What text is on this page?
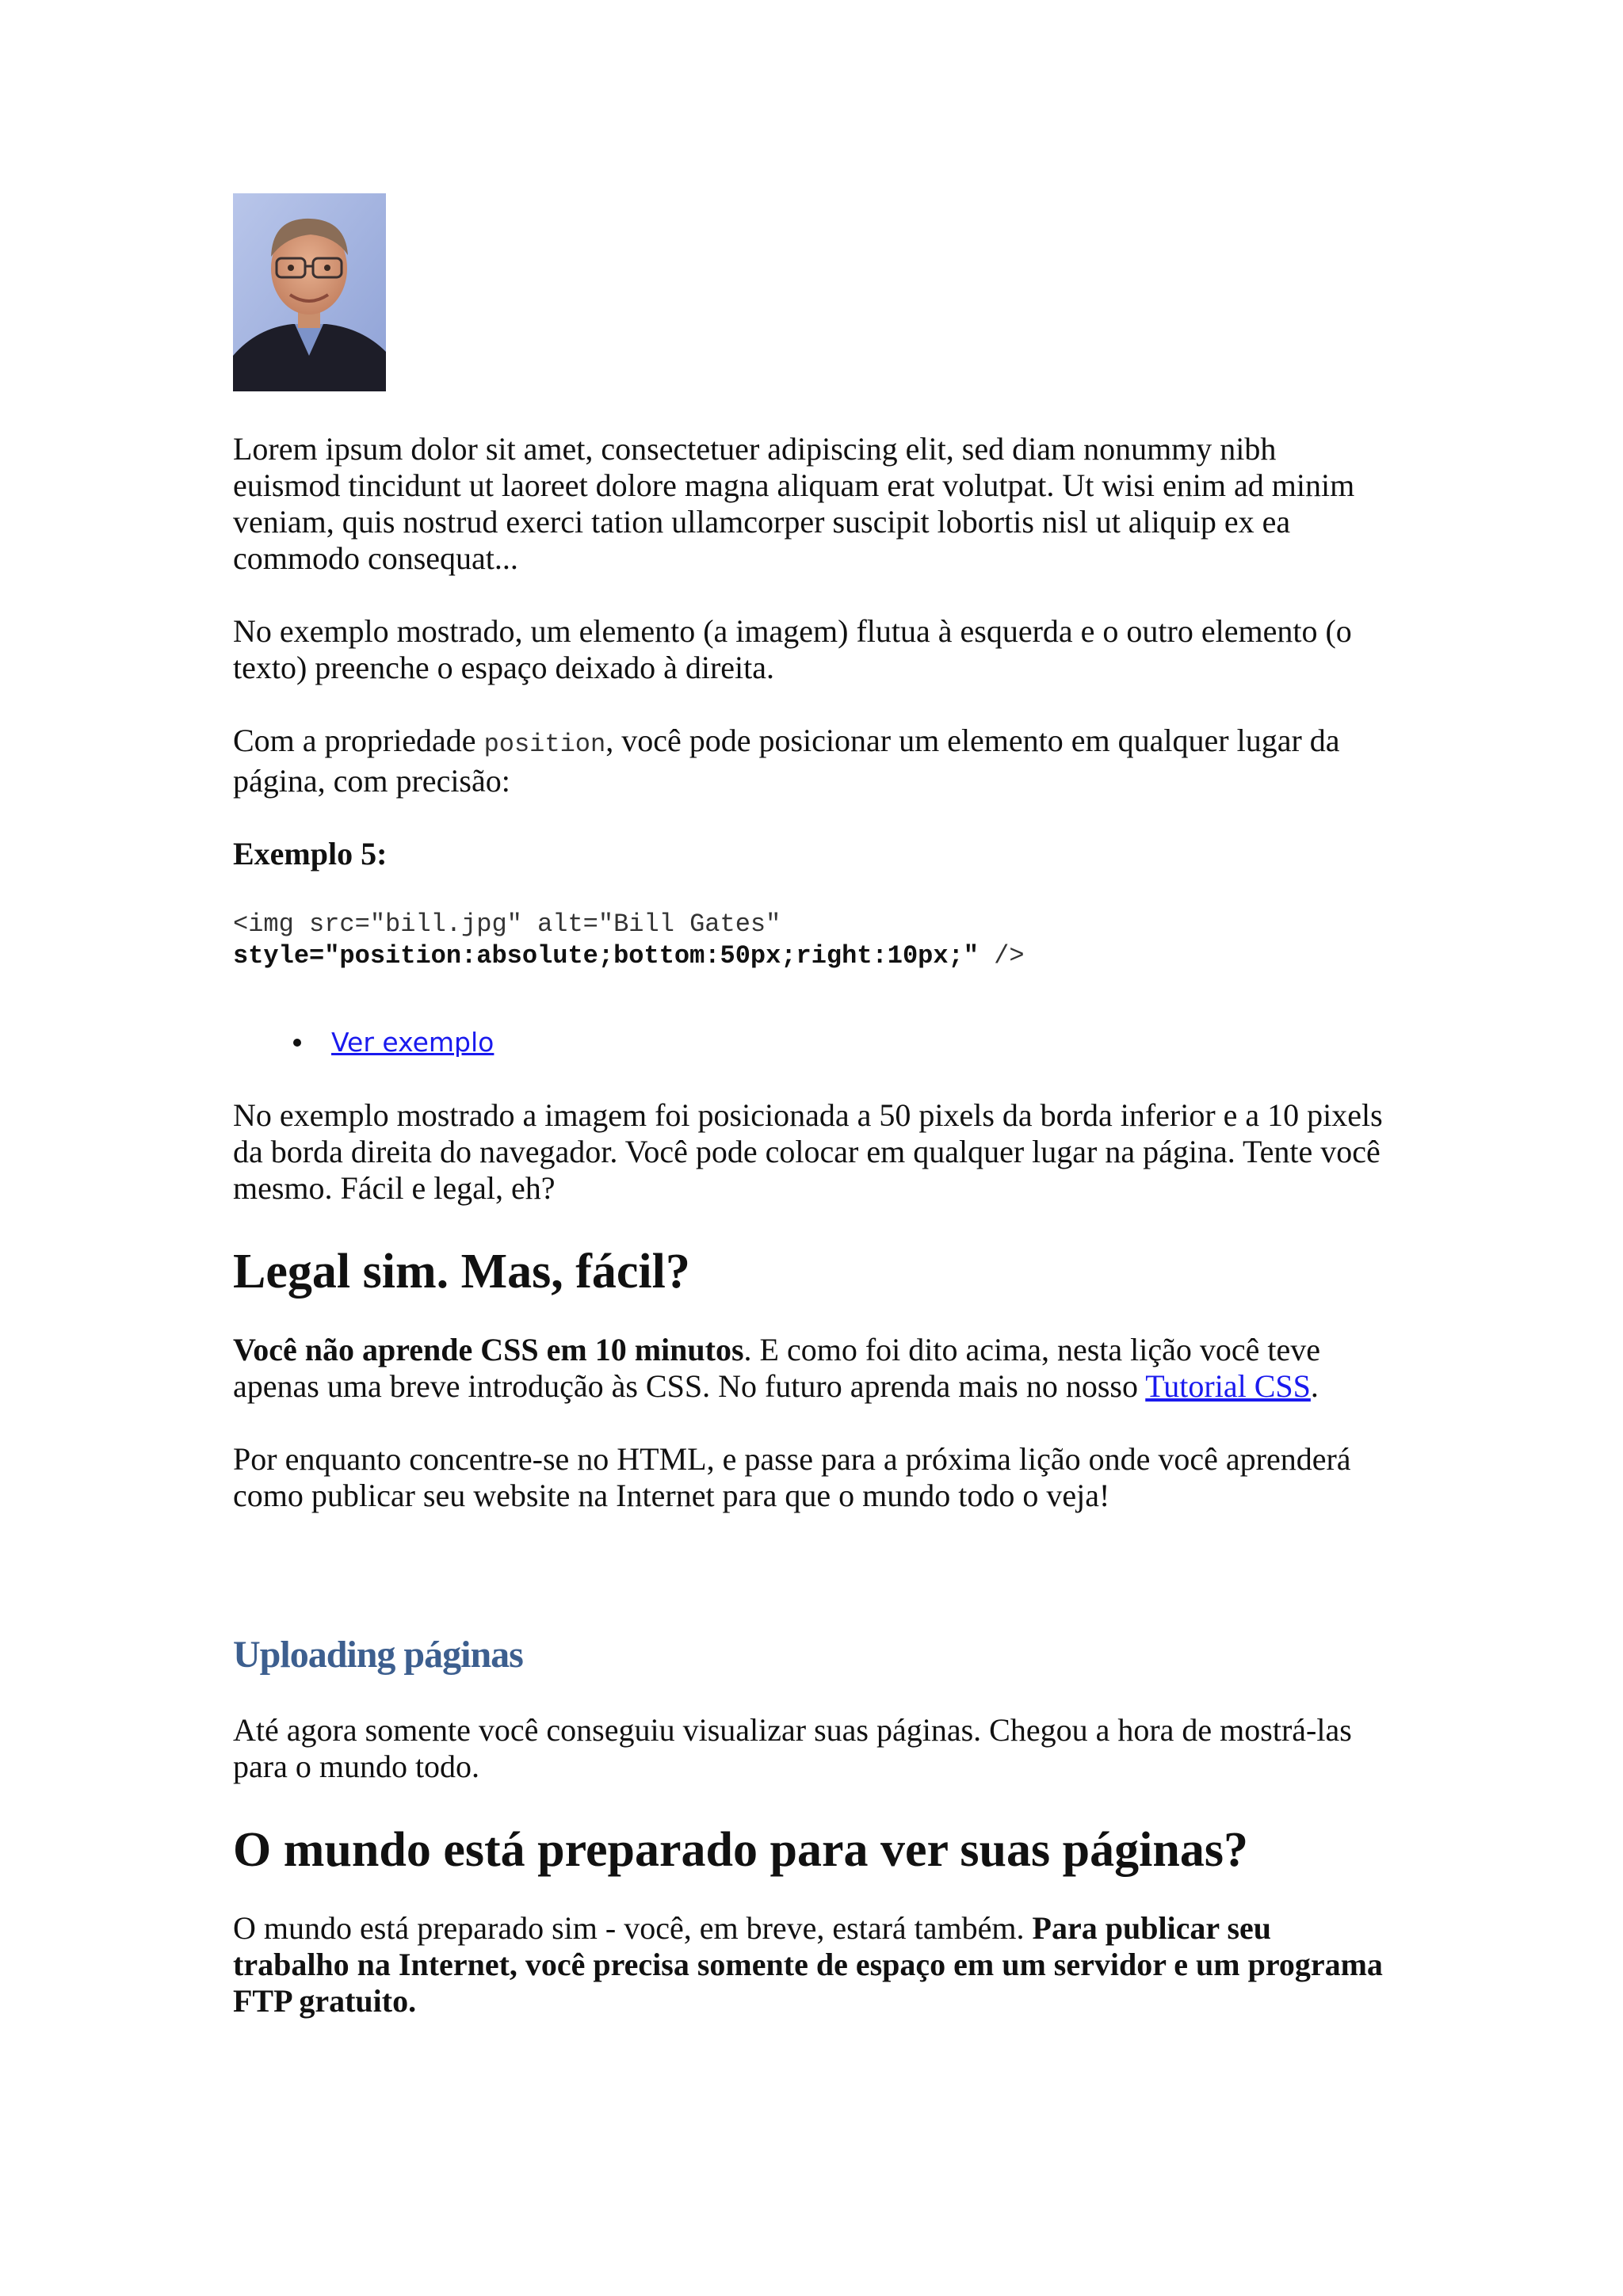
Lorem ipsum dolor sit amet, consectetuer adipiscing elit, sed diam nonummy nibh euismod tincidunt ut laoreet dolore magna aliquam erat volutpat. Ut wisi enim ad minim veniam, quis nostrud exerci tation ullamcorper suscipit lobortis nisl ut aliquip ex ea commodo consequat...

No exemplo mostrado, um elemento (a imagem) flutua à esquerda e o outro elemento (o texto) preenche o espaço deixado à direita.

Com a propriedade position, você pode posicionar um elemento em qualquer lugar da página, com precisão:

Exemplo 5:

<img src="bill.jpg" alt="Bill Gates"
style="position:absolute;bottom:50px;right:10px;" />
Ver exemplo

No exemplo mostrado a imagem foi posicionada a 50 pixels da borda inferior e a 10 pixels da borda direita do navegador. Você pode colocar em qualquer lugar na página. Tente você mesmo. Fácil e legal, eh?

Legal sim. Mas, fácil?

Você não aprende CSS em 10 minutos. E como foi dito acima, nesta lição você teve apenas uma breve introdução às CSS. No futuro aprenda mais no nosso Tutorial CSS.

Por enquanto concentre-se no HTML, e passe para a próxima lição onde você aprenderá como publicar seu website na Internet para que o mundo todo o veja!

Uploading páginas

Até agora somente você conseguiu visualizar suas páginas. Chegou a hora de mostrá-las para o mundo todo.

O mundo está preparado para ver suas páginas?

O mundo está preparado sim - você, em breve, estará também. Para publicar seu trabalho na Internet, você precisa somente de espaço em um servidor e um programa FTP gratuito.
